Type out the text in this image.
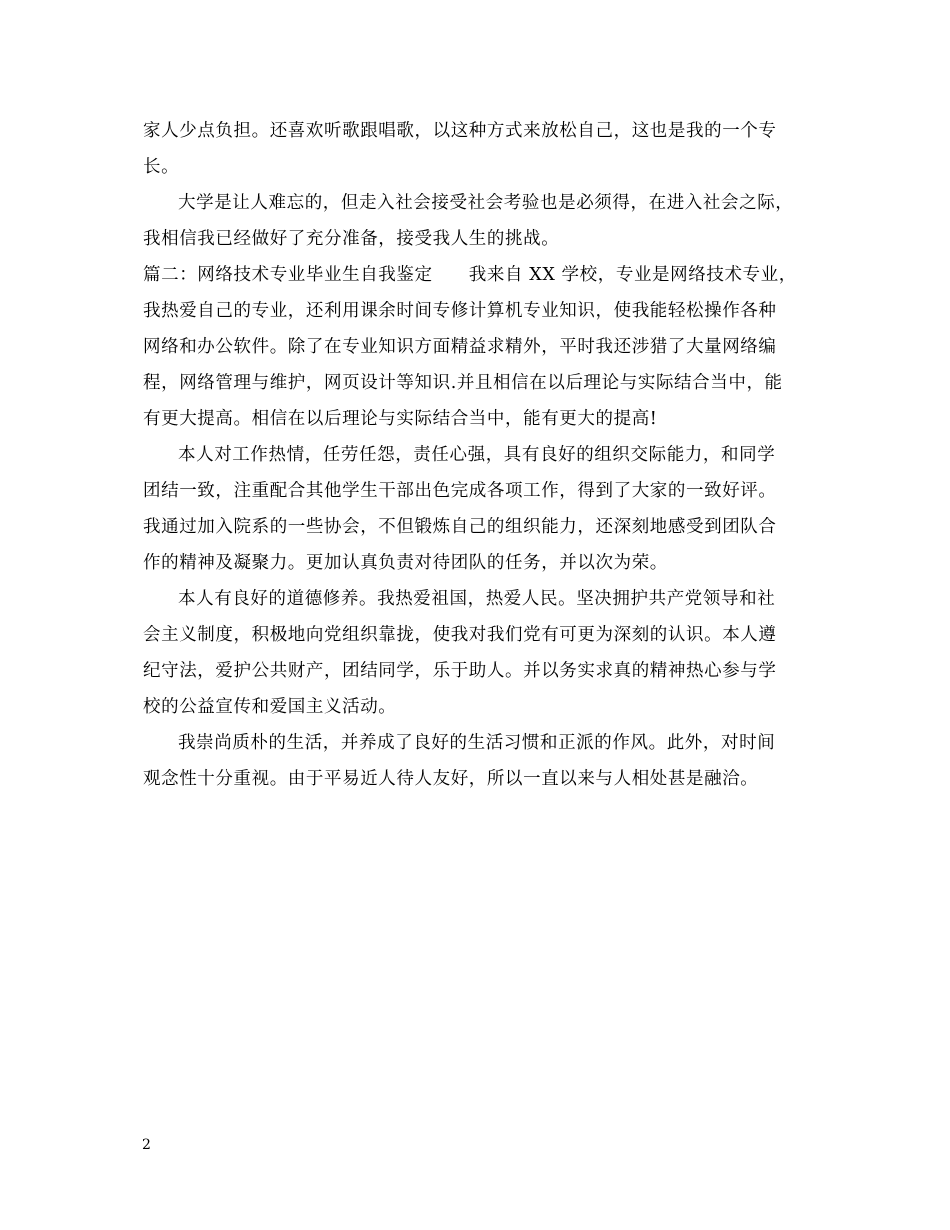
家人少点负担。还喜欢听歌跟唱歌，以这种方式来放松自己，这也是我的一个专
长。
大学是让人难忘的，但走入社会接受社会考验也是必须得，在进入社会之际，
我相信我已经做好了充分准备，接受我人生的挑战。
篇二：网络技术专业毕业生自我鉴定　　我来自 XX 学校，专业是网络技术专业，
我热爱自己的专业，还利用课余时间专修计算机专业知识，使我能轻松操作各种
网络和办公软件。除了在专业知识方面精益求精外，平时我还涉猎了大量网络编
程，网络管理与维护，网页设计等知识.并且相信在以后理论与实际结合当中，能
有更大提高。相信在以后理论与实际结合当中，能有更大的提高!
本人对工作热情，任劳任怨，责任心强，具有良好的组织交际能力，和同学
团结一致，注重配合其他学生干部出色完成各项工作，得到了大家的一致好评。
我通过加入院系的一些协会，不但锻炼自己的组织能力，还深刻地感受到团队合
作的精神及凝聚力。更加认真负责对待团队的任务，并以次为荣。
本人有良好的道德修养。我热爱祖国，热爱人民。坚决拥护共产党领导和社
会主义制度，积极地向党组织靠拢，使我对我们党有可更为深刻的认识。本人遵
纪守法，爱护公共财产，团结同学，乐于助人。并以务实求真的精神热心参与学
校的公益宣传和爱国主义活动。
我崇尚质朴的生活，并养成了良好的生活习惯和正派的作风。此外，对时间
观念性十分重视。由于平易近人待人友好，所以一直以来与人相处甚是融洽。
2
